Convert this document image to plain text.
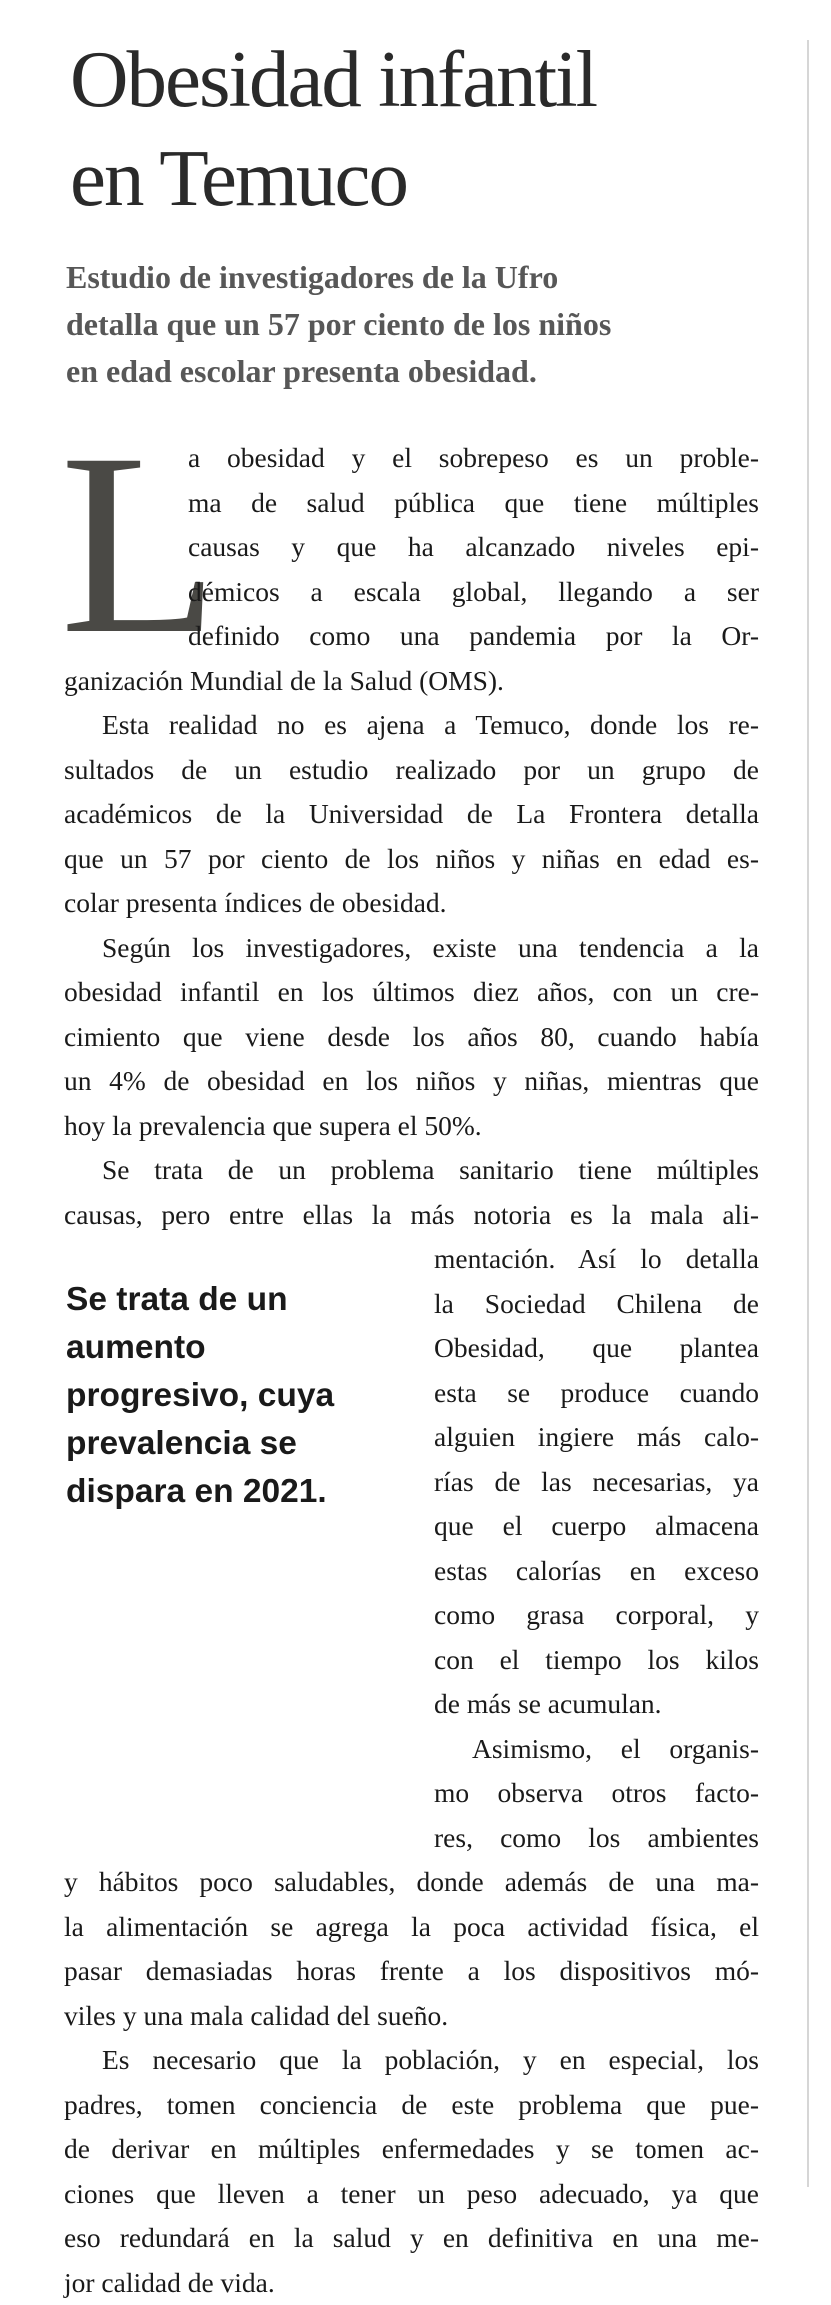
Obesidad infantil
en Temuco
Estudio de investigadores de la Ufro
detalla que un 57 por ciento de los niños
en edad escolar presenta obesidad.
L
Se trata de un
aumento
progresivo, cuya
prevalencia se
dispara en 2021.
a obesidad y el sobrepeso es un proble-
ma de salud pública que tiene múltiples
causas y que ha alcanzado niveles epi-
démicos a escala global, llegando a ser
definido como una pandemia por la Or-
ganización Mundial de la Salud (OMS).
Esta realidad no es ajena a Temuco, donde los re-
sultados de un estudio realizado por un grupo de
académicos de la Universidad de La Frontera detalla
que un 57 por ciento de los niños y niñas en edad es-
colar presenta índices de obesidad.
Según los investigadores, existe una tendencia a la
obesidad infantil en los últimos diez años, con un cre-
cimiento que viene desde los años 80, cuando había
un 4% de obesidad en los niños y niñas, mientras que
hoy la prevalencia que supera el 50%.
Se trata de un problema sanitario tiene múltiples
causas, pero entre ellas la más notoria es la mala ali-
mentación. Así lo detalla
la Sociedad Chilena de
Obesidad, que plantea
esta se produce cuando
alguien ingiere más calo-
rías de las necesarias, ya
que el cuerpo almacena
estas calorías en exceso
como grasa corporal, y
con el tiempo los kilos
de más se acumulan.
Asimismo, el organis-
mo observa otros facto-
res, como los ambientes
y hábitos poco saludables, donde además de una ma-
la alimentación se agrega la poca actividad física, el
pasar demasiadas horas frente a los dispositivos mó-
viles y una mala calidad del sueño.
Es necesario que la población, y en especial, los
padres, tomen conciencia de este problema que pue-
de derivar en múltiples enfermedades y se tomen ac-
ciones que lleven a tener un peso adecuado, ya que
eso redundará en la salud y en definitiva en una me-
jor calidad de vida.
